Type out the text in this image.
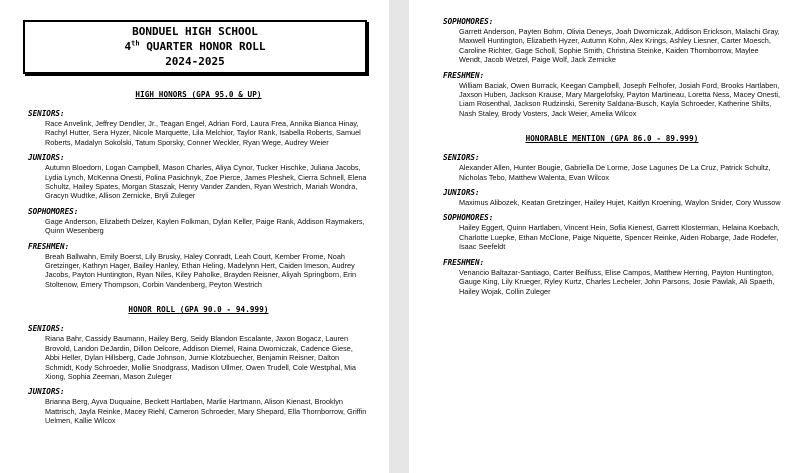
BONDUEL HIGH SCHOOL
4th QUARTER HONOR ROLL
2024-2025
HIGH HONORS (GPA 95.0 & UP)
SENIORS:
Race Anvelink, Jeffrey Dendler, Jr., Teagan Engel, Adrian Ford, Laura Frea, Annika Bianca Hinay, Rachyl Hutter, Sera Hyzer, Nicole Marquette, Lila Melchior, Taylor Rank, Isabella Roberts, Samuel Roberts, Madalyn Sokolski, Tatum Sporsky, Conner Weckler, Ryan Wege, Audrey Weier
JUNIORS:
Autumn Bloedorn, Logan Campbell, Mason Charles, Aliya Cynor, Tucker Hischke, Juliana Jacobs, Lydia Lynch, McKenna Onesti, Polina Pasichnyk, Zoe Pierce, James Pleshek, Cierra Schnell, Elena Schultz, Hailey Spates, Morgan Staszak, Henry Vander Zanden, Ryan Westrich, Mariah Wondra, Gracyn Wudtke, Allison Zernicke, Bryli Zuleger
SOPHOMORES:
Gage Anderson, Elizabeth Delzer, Kaylen Folkman, Dylan Keller, Paige Rank, Addison Raymakers, Quinn Wesenberg
FRESHMEN:
Breah Ballwahn, Emily Boerst, Lily Brusky, Haley Conradt, Leah Court, Kember Frome, Noah Gretzinger, Kathryn Hager, Bailey Hanley, Ethan Heling, Madelynn Hert, Caiden Imeson, Audrey Jacobs, Payton Huntington, Ryan Niles, Kiley Paholke, Brayden Reisner, Aliyah Springborn, Erin Stoltenow, Emery Thompson, Corbin Vandenberg, Peyton Westrich
HONOR ROLL (GPA 90.0 - 94.999)
SENIORS:
Riana Bahr, Cassidy Baumann, Hailey Berg, Seidy Blandon Escalante, Jaxon Bogacz, Lauren Brovold, Landon DeJardin, Dillon Delcore, Addison Diemel, Raina Dworniczak, Cadence Giese, Abbi Heller, Dylan Hillsberg, Cade Johnson, Jurnie Klotzbuecher, Benjamin Reisner, Dalton Schmidt, Kody Schroeder, Mollie Snodgrass, Madison Ullmer, Owen Trudell, Cole Westphal, Mia Xiong, Sophia Zeeman, Mason Zuleger
JUNIORS:
Brianna Berg, Ayva Duquaine, Beckett Hartlaben, Marlie Hartmann, Alison Kienast, Brooklyn Mattrisch, Jayla Reinke, Macey Riehl, Cameron Schroeder, Mary Shepard, Ella Thornborrow, Griffin Uelmen, Kallie Wilcox
SOPHOMORES:
Garrett Anderson, Payten Bohm, Olivia Deneys, Joah Dworniczak, Addison Erickson, Malachi Gray, Maxwell Huntington, Elizabeth Hyzer, Autumn Kohn, Alex Krings, Ashley Liesner, Carter Moesch, Caroline Richter, Gage Scholl, Sophie Smith, Christina Steinke, Kaiden Thornborrow, Maylee Wendt, Jacob Wetzel, Paige Wolf, Jack Zernicke
FRESHMEN:
William Baciak, Owen Burrack, Keegan Campbell, Joseph Felhofer, Josiah Ford, Brooks Hartlaben, Jaxson Huben, Jackson Krause, Mary Margelofsky, Payton Martineau, Loretta Ness, Macey Onesti, Liam Rosenthal, Jackson Rudzinski, Serenity Saldana-Busch, Kayla Schroeder, Katherine Shilts, Nash Staley, Brody Vosters, Jack Weier, Amelia Wilcox
HONORABLE MENTION (GPA 86.0 - 89.999)
SENIORS:
Alexander Allen, Hunter Bougie, Gabriella De Lorme, Jose Lagunes De La Cruz, Patrick Schultz, Nicholas Tebo, Matthew Walenta, Evan Wilcox
JUNIORS:
Maximus Alibozek, Keatan Gretzinger, Hailey Hujet, Kaitlyn Kroening, Waylon Snider, Cory Wussow
SOPHOMORES:
Hailey Eggert, Quinn Hartlaben, Vincent Hein, Sofia Kienest, Garrett Klosterman, Helaina Koebach, Charlotte Luepke, Ethan McClone, Paige Niquette, Spencer Reinke, Aiden Robarge, Jade Rodefer, Isaac Seefeldt
FRESHMEN:
Venancio Baltazar-Santiago, Carter Beilfuss, Elise Campos, Matthew Herring, Payton Huntington, Gauge King, Lily Krueger, Ryley Kurtz, Charles Lecheler, John Parsons, Josie Pawlak, Ali Spaeth, Hailey Wojak, Collin Zuleger
